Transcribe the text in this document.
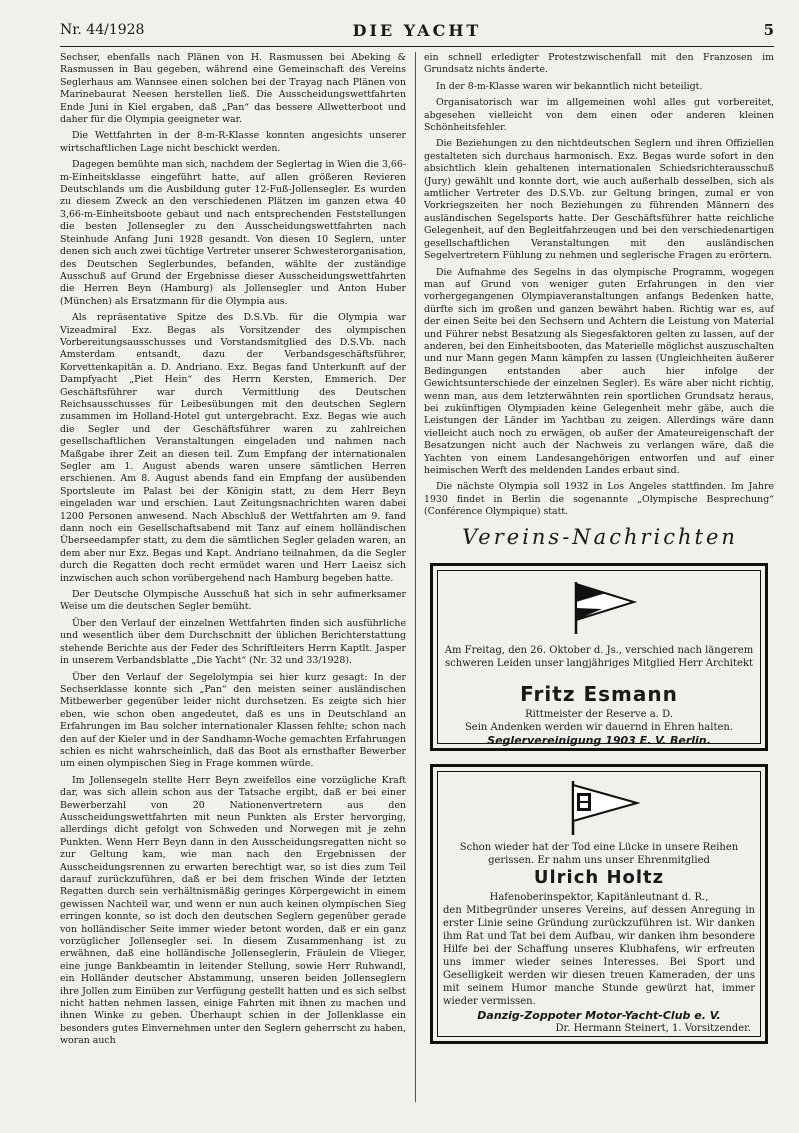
Nr. 44/1928	DIE YACHT	5

Sechser, ebenfalls nach Plänen von H. Rasmussen bei Abeking & Rasmussen in Bau gegeben, während eine Gemeinschaft des Vereins Seglerhaus am Wannsee einen solchen bei der Trayag nach Plänen von Marinebaurat Neesen herstellen ließ. Die Ausscheidungswettfahrten Ende Juni in Kiel ergaben, daß „Pan“ das bessere Allwetterboot und daher für die Olympia geeigneter war.

Die Wettfahrten in der 8-m-R-Klasse konnten angesichts unserer wirtschaftlichen Lage nicht beschickt werden.

Dagegen bemühte man sich, nachdem der Seglertag in Wien die 3,66-m-Einheitsklasse eingeführt hatte, auf allen größeren Revieren Deutschlands um die Ausbildung guter 12-Fuß-Jollensegler. Es wurden zu diesem Zweck an den verschiedenen Plätzen im ganzen etwa 40 3,66-m-Einheitsboote gebaut und nach entsprechenden Feststellungen die besten Jollensegler zu den Ausscheidungswettfahrten nach Steinhude Anfang Juni 1928 gesandt. Von diesen 10 Seglern, unter denen sich auch zwei tüchtige Vertreter unserer Schwesterorganisation, des Deutschen Seglerbundes, befanden, wählte der zuständige Ausschuß auf Grund der Ergebnisse dieser Ausscheidungswettfahrten die Herren Beyn (Hamburg) als Jollensegler und Anton Huber (München) als Ersatzmann für die Olympia aus.

Als repräsentative Spitze des D.S.Vb. für die Olympia war Vizeadmiral Exz. Begas als Vorsitzender des olympischen Vorbereitungsausschusses und Vorstandsmitglied des D.S.Vb. nach Amsterdam entsandt, dazu der Verbandsgeschäftsführer, Korvettenkapitän a. D. Andriano. Exz. Begas fand Unterkunft auf der Dampfyacht „Piet Hein“ des Herrn Kersten, Emmerich. Der Geschäftsführer war durch Vermittlung des Deutschen Reichsausschusses für Leibesübungen mit den deutschen Seglern zusammen im Holland-Hotel gut untergebracht. Exz. Begas wie auch die Segler und der Geschäftsführer waren zu zahlreichen gesellschaftlichen Veranstaltungen eingeladen und nahmen nach Maßgabe ihrer Zeit an diesen teil. Zum Empfang der internationalen Segler am 1. August abends waren unsere sämtlichen Herren erschienen. Am 8. August abends fand ein Empfang der ausübenden Sportsleute im Palast bei der Königin statt, zu dem Herr Beyn eingeladen war und erschien. Laut Zeitungsnachrichten waren dabei 1200 Personen anwesend. Nach Abschluß der Wettfahrten am 9. fand dann noch ein Gesellschaftsabend mit Tanz auf einem holländischen Überseedampfer statt, zu dem die sämtlichen Segler geladen waren, an dem aber nur Exz. Begas und Kapt. Andriano teilnahmen, da die Segler durch die Regatten doch recht ermüdet waren und Herr Laeisz sich inzwischen auch schon vorübergehend nach Hamburg begeben hatte.

Der Deutsche Olympische Ausschuß hat sich in sehr aufmerksamer Weise um die deutschen Segler bemüht.

Über den Verlauf der einzelnen Wettfahrten finden sich ausführliche und wesentlich über dem Durchschnitt der üblichen Berichterstattung stehende Berichte aus der Feder des Schriftleiters Herrn Kaptlt. Jasper in unserem Verbandsblatte „Die Yacht“ (Nr. 32 und 33/1928).

Über den Verlauf der Segelolympia sei hier kurz gesagt: In der Sechserklasse konnte sich „Pan“ den meisten seiner ausländischen Mitbewerber gegenüber leider nicht durchsetzen. Es zeigte sich hier eben, wie schon oben angedeutet, daß es uns in Deutschland an Erfahrungen im Bau solcher internationaler Klassen fehlte; schon nach den auf der Kieler und in der Sandhamn-Woche gemachten Erfahrungen schien es nicht wahrscheinlich, daß das Boot als ernsthafter Bewerber um einen olympischen Sieg in Frage kommen würde.

Im Jollensegeln stellte Herr Beyn zweifellos eine vorzügliche Kraft dar, was sich allein schon aus der Tatsache ergibt, daß er bei einer Bewerberzahl von 20 Nationenvertretern aus den Ausscheidungswettfahrten mit neun Punkten als Erster hervorging, allerdings dicht gefolgt von Schweden und Norwegen mit je zehn Punkten. Wenn Herr Beyn dann in den Ausscheidungsregatten nicht so zur Geltung kam, wie man nach den Ergebnissen der Ausscheidungsrennen zu erwarten berechtigt war, so ist dies zum Teil darauf zurückzuführen, daß er bei dem frischen Winde der letzten Regatten durch sein verhältnismäßig geringes Körpergewicht in einem gewissen Nachteil war, und wenn er nun auch keinen olympischen Sieg erringen konnte, so ist doch den deutschen Seglern gegenüber gerade von holländischer Seite immer wieder betont worden, daß er ein ganz vorzüglicher Jollensegler sei. In diesem Zusammenhang ist zu erwähnen, daß eine holländische Jollenseglerin, Fräulein de Vlieger, eine junge Bankbeamtin in leitender Stellung, sowie Herr Ruhwandl, ein Holländer deutscher Abstammung, unseren beiden Jollenseglern ihre Jollen zum Einüben zur Verfügung gestellt hatten und es sich selbst nicht hatten nehmen lassen, einige Fahrten mit ihnen zu machen und ihnen Winke zu geben. Überhaupt schien in der Jollenklasse ein besonders gutes Einvernehmen unter den Seglern geherrscht zu haben, woran auch

ein schnell erledigter Protestzwischenfall mit den Franzosen im Grundsatz nichts änderte.

In der 8-m-Klasse waren wir bekanntlich nicht beteiligt.

Organisatorisch war im allgemeinen wohl alles gut vorbereitet, abgesehen vielleicht von dem einen oder anderen kleinen Schönheitsfehler.

Die Beziehungen zu den nichtdeutschen Seglern und ihren Offiziellen gestalteten sich durchaus harmonisch. Exz. Begas wurde sofort in den absichtlich klein gehaltenen internationalen Schiedsrichterausschuß (Jury) gewählt und konnte dort, wie auch außerhalb desselben, sich als amtlicher Vertreter des D.S.Vb. zur Geltung bringen, zumal er von Vorkriegszeiten her noch Beziehungen zu führenden Männern des ausländischen Segelsports hatte. Der Geschäftsführer hatte reichliche Gelegenheit, auf den Begleitfahrzeugen und bei den verschiedenartigen gesellschaftlichen Veranstaltungen mit den ausländischen Segelvertretern Fühlung zu nehmen und seglerische Fragen zu erörtern.

Die Aufnahme des Segelns in das olympische Programm, wogegen man auf Grund von weniger guten Erfahrungen in den vier vorhergegangenen Olympiaveranstaltungen anfangs Bedenken hatte, dürfte sich im großen und ganzen bewährt haben. Richtig war es, auf der einen Seite bei den Sechsern und Achtern die Leistung von Material und Führer nebst Besatzung als Siegesfaktoren gelten zu lassen, auf der anderen, bei den Einheitsbooten, das Materielle möglichst auszuschalten und nur Mann gegen Mann kämpfen zu lassen (Ungleichheiten äußerer Bedingungen entstanden aber auch hier infolge der Gewichtsunterschiede der einzelnen Segler). Es wäre aber nicht richtig, wenn man, aus dem letzterwähnten rein sportlichen Grundsatz heraus, bei zukünftigen Olympiaden keine Gelegenheit mehr gäbe, auch die Leistungen der Länder im Yachtbau zu zeigen. Allerdings wäre dann vielleicht auch noch zu erwägen, ob außer der Amateureigenschaft der Besatzungen nicht auch der Nachweis zu verlangen wäre, daß die Yachten von einem Landesangehörigen entworfen und auf einer heimischen Werft des meldenden Landes erbaut sind.

Die nächste Olympia soll 1932 in Los Angeles stattfinden. Im Jahre 1930 findet in Berlin die sogenannte „Olympische Besprechung“ (Conférence Olympique) statt.

Vereins-Nachrichten
Am Freitag, den 26. Oktober d. Js., verschied nach längerem schweren Leiden unser langjähriges Mitglied Herr Architekt
Fritz Esmann
Rittmeister der Reserve a. D.
Sein Andenken werden wir dauernd in Ehren halten.
Seglervereinigung 1903 E. V. Berlin.
Schon wieder hat der Tod eine Lücke in unsere Reihen gerissen. Er nahm uns unser Ehrenmitglied
Ulrich Holtz
Hafenoberinspektor, Kapitänleutnant d. R.,
den Mitbegründer unseres Vereins, auf dessen Anregung in erster Linie seine Gründung zurückzuführen ist. Wir danken ihm Rat und Tat bei dem Aufbau, wir danken ihm besondere Hilfe bei der Schaffung unseres Klubhafens, wir erfreuten uns immer wieder seines Interesses. Bei Sport und Geselligkeit werden wir diesen treuen Kameraden, der uns mit seinem Humor manche Stunde gewürzt hat, immer wieder vermissen.
Danzig-Zoppoter Motor-Yacht-Club e. V.
Dr. Hermann Steinert, 1. Vorsitzender.
